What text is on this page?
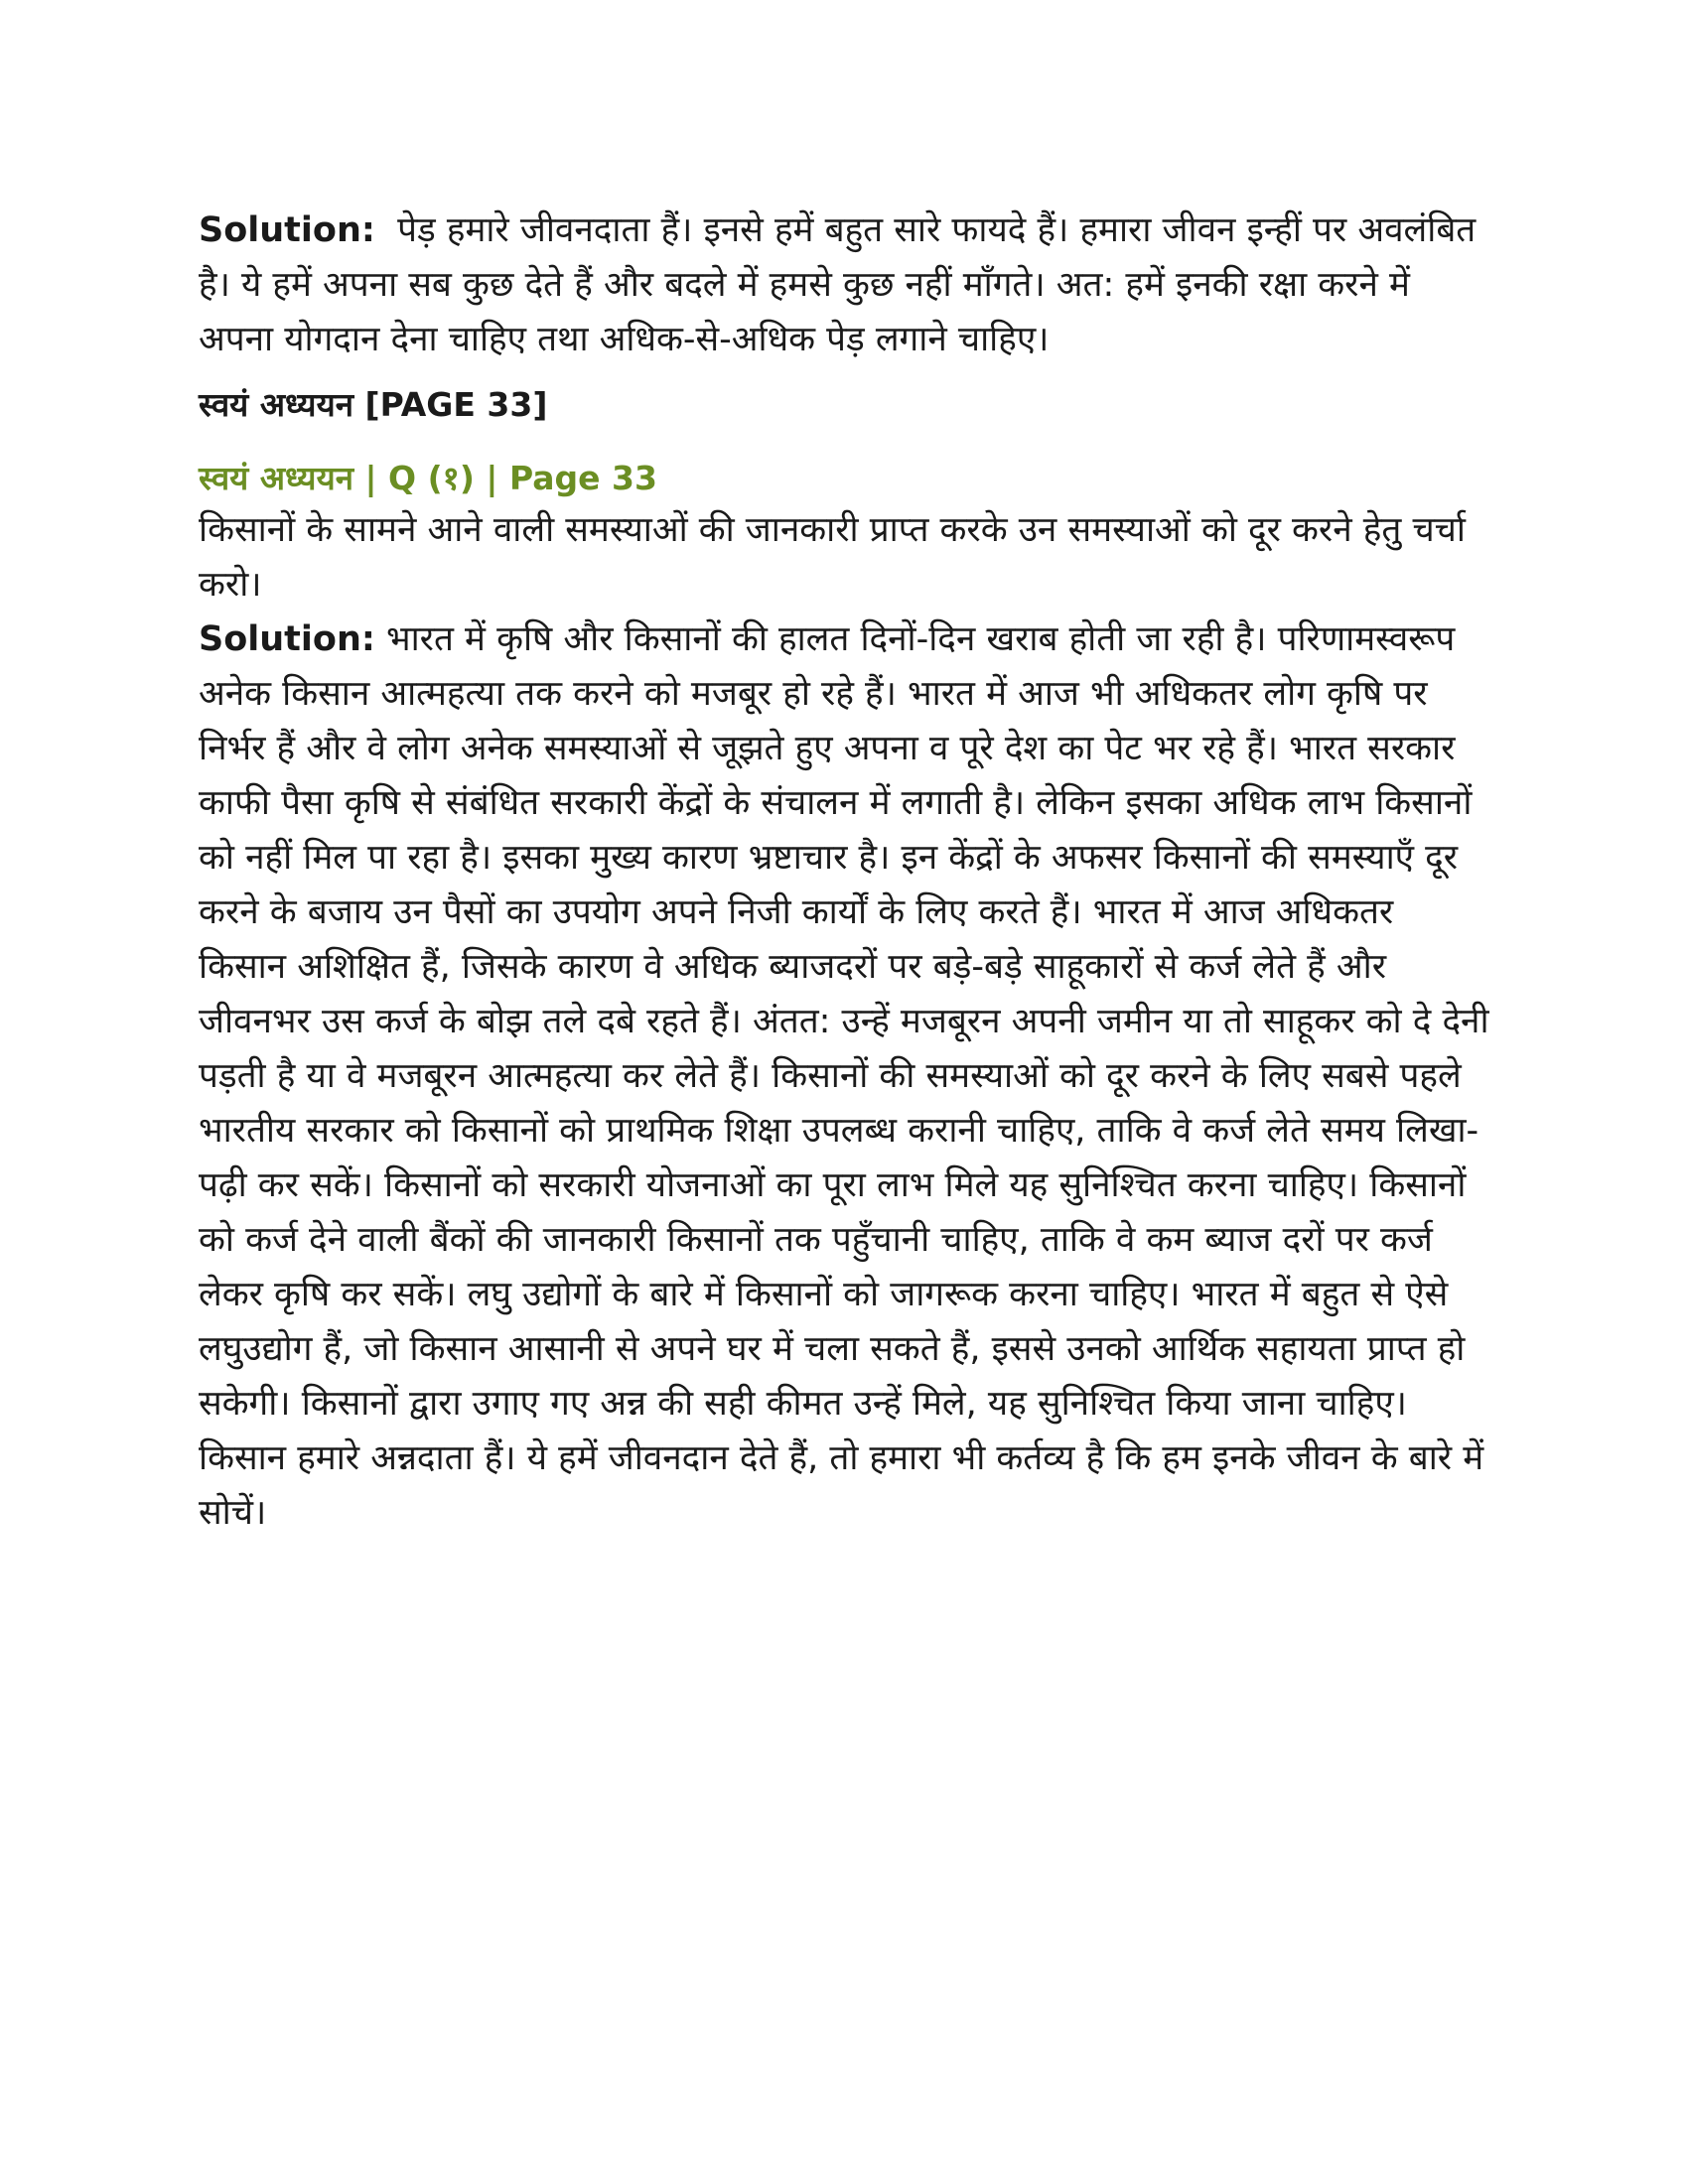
Solution: पेड़ हमारे जीवनदाता हैं। इनसे हमें बहुत सारे फायदे हैं। हमारा जीवन इन्हीं पर अवलंबित है। ये हमें अपना सब कुछ देते हैं और बदले में हमसे कुछ नहीं माँगते। अत: हमें इनकी रक्षा करने में अपना योगदान देना चाहिए तथा अधिक-से-अधिक पेड़ लगाने चाहिए।

स्वयं अध्ययन [PAGE 33]
स्वयं अध्ययन | Q (१) | Page 33

किसानों के सामने आने वाली समस्याओं की जानकारी प्राप्त करके उन समस्याओं को दूर करने हेतु चर्चा करो।

Solution: भारत में कृषि और किसानों की हालत दिनों-दिन खराब होती जा रही है। परिणामस्वरूप अनेक किसान आत्महत्या तक करने को मजबूर हो रहे हैं। भारत में आज भी अधिकतर लोग कृषि पर निर्भर हैं और वे लोग अनेक समस्याओं से जूझते हुए अपना व पूरे देश का पेट भर रहे हैं। भारत सरकार काफी पैसा कृषि से संबंधित सरकारी केंद्रों के संचालन में लगाती है। लेकिन इसका अधिक लाभ किसानों को नहीं मिल पा रहा है। इसका मुख्य कारण भ्रष्टाचार है। इन केंद्रों के अफसर किसानों की समस्याएँ दूर करने के बजाय उन पैसों का उपयोग अपने निजी कार्यों के लिए करते हैं। भारत में आज अधिकतर किसान अशिक्षित हैं, जिसके कारण वे अधिक ब्याजदरों पर बड़े-बड़े साहूकारों से कर्ज लेते हैं और जीवनभर उस कर्ज के बोझ तले दबे रहते हैं। अंतत: उन्हें मजबूरन अपनी जमीन या तो साहूकर को दे देनी पड़ती है या वे मजबूरन आत्महत्या कर लेते हैं। किसानों की समस्याओं को दूर करने के लिए सबसे पहले भारतीय सरकार को किसानों को प्राथमिक शिक्षा उपलब्ध करानी चाहिए, ताकि वे कर्ज लेते समय लिखा-पढ़ी कर सकें। किसानों को सरकारी योजनाओं का पूरा लाभ मिले यह सुनिश्चित करना चाहिए। किसानों को कर्ज देने वाली बैंकों की जानकारी किसानों तक पहुँचानी चाहिए, ताकि वे कम ब्याज दरों पर कर्ज लेकर कृषि कर सकें। लघु उद्योगों के बारे में किसानों को जागरूक करना चाहिए। भारत में बहुत से ऐसे लघुउद्योग हैं, जो किसान आसानी से अपने घर में चला सकते हैं, इससे उनको आर्थिक सहायता प्राप्त हो सकेगी। किसानों द्वारा उगाए गए अन्न की सही कीमत उन्हें मिले, यह सुनिश्चित किया जाना चाहिए। किसान हमारे अन्नदाता हैं। ये हमें जीवनदान देते हैं, तो हमारा भी कर्तव्य है कि हम इनके जीवन के बारे में सोचें।
